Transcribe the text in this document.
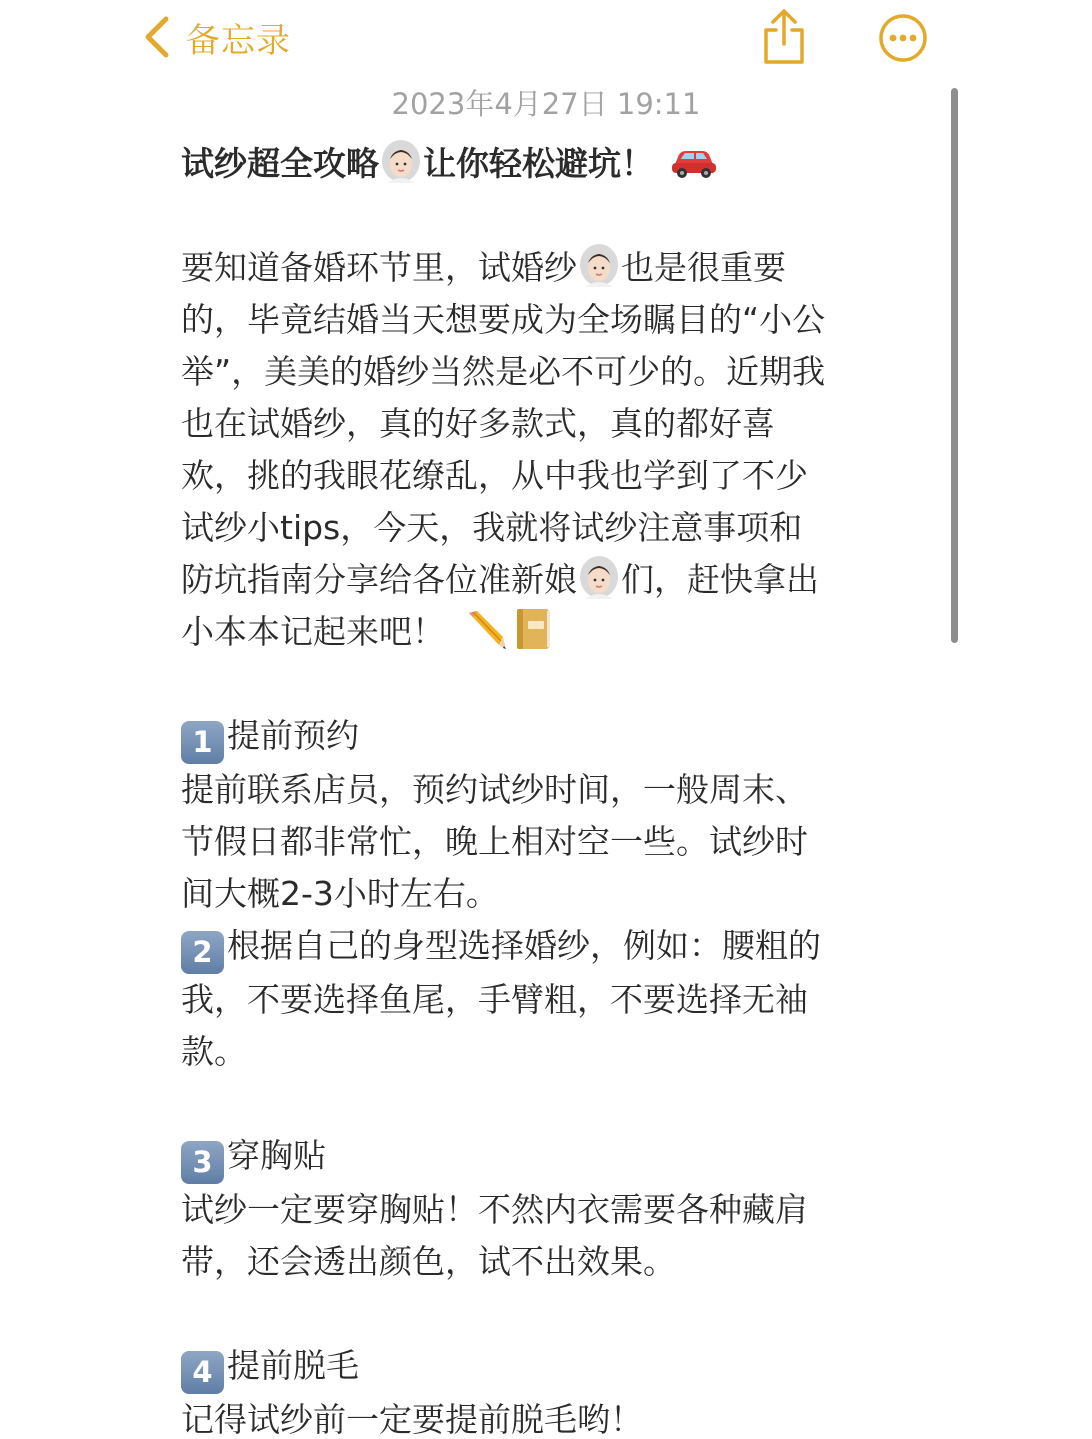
备忘录
2023年4月27日 19:11
试纱超全攻略 让你轻松避坑！
要知道备婚环节里，试婚纱 也是很重要
的，毕竟结婚当天想要成为全场瞩目的“小公
举”，美美的婚纱当然是必不可少的。近期我
也在试婚纱，真的好多款式，真的都好喜
欢，挑的我眼花缭乱，从中我也学到了不少
试纱小tips，今天，我就将试纱注意事项和
防坑指南分享给各位准新娘 们，赶快拿出
小本本记起来吧！
1 提前预约
提前联系店员，预约试纱时间，一般周末、
节假日都非常忙，晚上相对空一些。试纱时
间大概2-3小时左右。
2 根据自己的身型选择婚纱，例如：腰粗的
我，不要选择鱼尾，手臂粗，不要选择无袖
款。
3 穿胸贴
试纱一定要穿胸贴！不然内衣需要各种藏肩
带，还会透出颜色，试不出效果。
4 提前脱毛
记得试纱前一定要提前脱毛哟！
